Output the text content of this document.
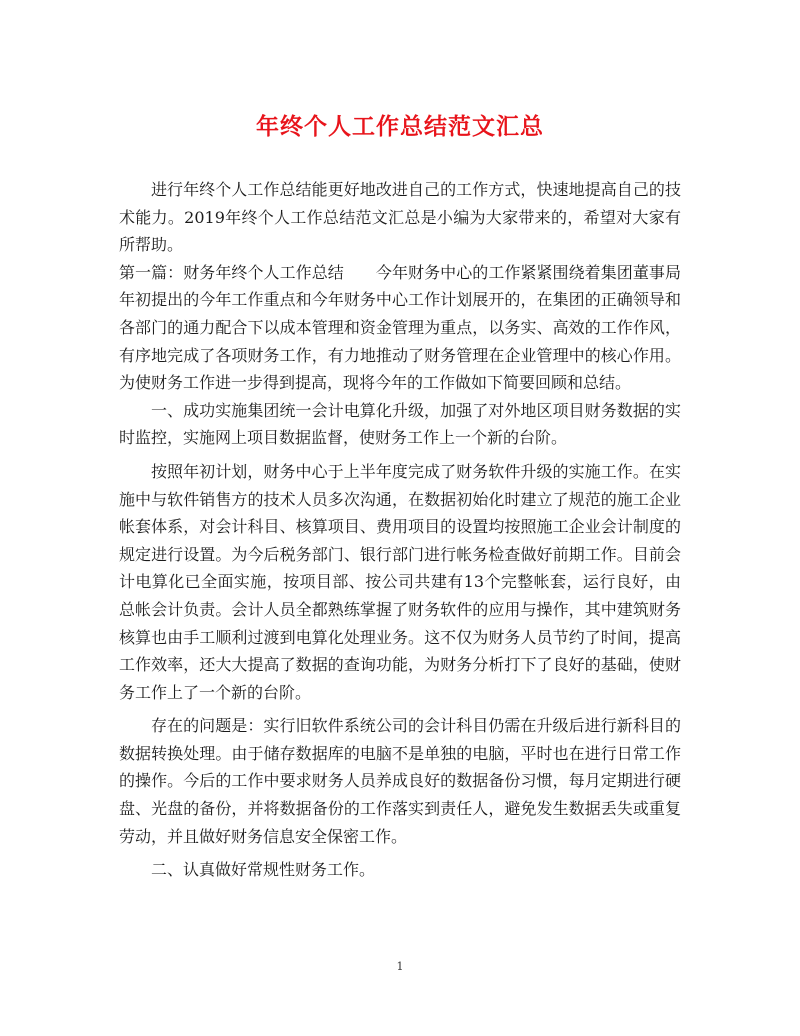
年终个人工作总结范文汇总

进行年终个人工作总结能更好地改进自己的工作方式，快速地提高自己的技术能力。2019年终个人工作总结范文汇总是小编为大家带来的，希望对大家有所帮助。

第一篇：财务年终个人工作总结 今年财务中心的工作紧紧围绕着集团董事局年初提出的今年工作重点和今年财务中心工作计划展开的，在集团的正确领导和各部门的通力配合下以成本管理和资金管理为重点，以务实、高效的工作作风，有序地完成了各项财务工作，有力地推动了财务管理在企业管理中的核心作用。为使财务工作进一步得到提高，现将今年的工作做如下简要回顾和总结。

一、成功实施集团统一会计电算化升级，加强了对外地区项目财务数据的实时监控，实施网上项目数据监督，使财务工作上一个新的台阶。

按照年初计划，财务中心于上半年度完成了财务软件升级的实施工作。在实施中与软件销售方的技术人员多次沟通，在数据初始化时建立了规范的施工企业帐套体系，对会计科目、核算项目、费用项目的设置均按照施工企业会计制度的规定进行设置。为今后税务部门、银行部门进行帐务检查做好前期工作。目前会计电算化已全面实施，按项目部、按公司共建有13个完整帐套，运行良好，由总帐会计负责。会计人员全都熟练掌握了财务软件的应用与操作，其中建筑财务核算也由手工顺利过渡到电算化处理业务。这不仅为财务人员节约了时间，提高工作效率，还大大提高了数据的查询功能，为财务分析打下了良好的基础，使财务工作上了一个新的台阶。

存在的问题是：实行旧软件系统公司的会计科目仍需在升级后进行新科目的数据转换处理。由于储存数据库的电脑不是单独的电脑，平时也在进行日常工作的操作。今后的工作中要求财务人员养成良好的数据备份习惯，每月定期进行硬盘、光盘的备份，并将数据备份的工作落实到责任人，避免发生数据丢失或重复劳动，并且做好财务信息安全保密工作。

二、认真做好常规性财务工作。

1
